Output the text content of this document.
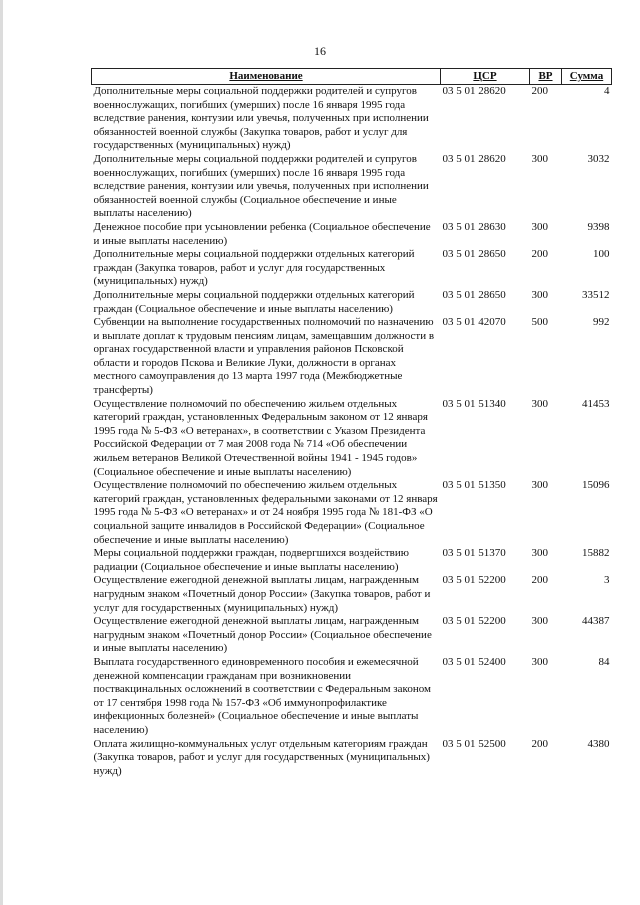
16
Наименование	ЦСР	ВР	Сумма
Дополнительные меры социальной поддержки родителей и супругов военнослужащих, погибших (умерших) после 16 января 1995 года вследствие ранения, контузии или увечья, полученных при исполнении обязанностей военной службы (Закупка товаров, работ и услуг для государственных (муниципальных) нужд)	03 5 01 28620	200	4
Дополнительные меры социальной поддержки родителей и супругов военнослужащих, погибших (умерших) после 16 января 1995 года вследствие ранения, контузии или увечья, полученных при исполнении обязанностей военной службы (Социальное обеспечение и иные выплаты населению)	03 5 01 28620	300	3032
Денежное пособие при усыновлении ребенка (Социальное обеспечение и иные выплаты населению)	03 5 01 28630	300	9398
Дополнительные меры социальной поддержки отдельных категорий граждан (Закупка товаров, работ и услуг для государственных (муниципальных) нужд)	03 5 01 28650	200	100
Дополнительные меры социальной поддержки отдельных категорий граждан (Социальное обеспечение и иные выплаты населению)	03 5 01 28650	300	33512
Субвенции на выполнение государственных полномочий по назначению и выплате доплат к трудовым пенсиям лицам, замещавшим должности в органах государственной власти и управления районов Псковской области и городов Пскова и Великие Луки, должности в органах местного самоуправления до 13 марта 1997 года (Межбюджетные трансферты)	03 5 01 42070	500	992
Осуществление полномочий по обеспечению жильем отдельных категорий граждан, установленных Федеральным законом от 12 января 1995 года № 5-ФЗ «О ветеранах», в соответствии с Указом Президента Российской Федерации от 7 мая 2008 года № 714 «Об обеспечении жильем ветеранов Великой Отечественной войны 1941 - 1945 годов» (Социальное обеспечение и иные выплаты населению)	03 5 01 51340	300	41453
Осуществление полномочий по обеспечению жильем отдельных категорий граждан, установленных федеральными законами от 12 января 1995 года № 5-ФЗ «О ветеранах» и от 24 ноября 1995 года № 181-ФЗ «О социальной защите инвалидов в Российской Федерации» (Социальное обеспечение и иные выплаты населению)	03 5 01 51350	300	15096
Меры социальной поддержки граждан, подвергшихся воздействию радиации (Социальное обеспечение и иные выплаты населению)	03 5 01 51370	300	15882
Осуществление ежегодной денежной выплаты лицам, награжденным нагрудным знаком «Почетный донор России» (Закупка товаров, работ и услуг для государственных (муниципальных) нужд)	03 5 01 52200	200	3
Осуществление ежегодной денежной выплаты лицам, награжденным нагрудным знаком «Почетный донор России» (Социальное обеспечение и иные выплаты населению)	03 5 01 52200	300	44387
Выплата государственного единовременного пособия и ежемесячной денежной компенсации гражданам при возникновении поствакцинальных осложнений в соответствии с Федеральным законом от 17 сентября 1998 года № 157-ФЗ «Об иммунопрофилактике инфекционных болезней» (Социальное обеспечение и иные выплаты населению)	03 5 01 52400	300	84
Оплата жилищно-коммунальных услуг отдельным категориям граждан (Закупка товаров, работ и услуг для государственных (муниципальных) нужд)	03 5 01 52500	200	4380
